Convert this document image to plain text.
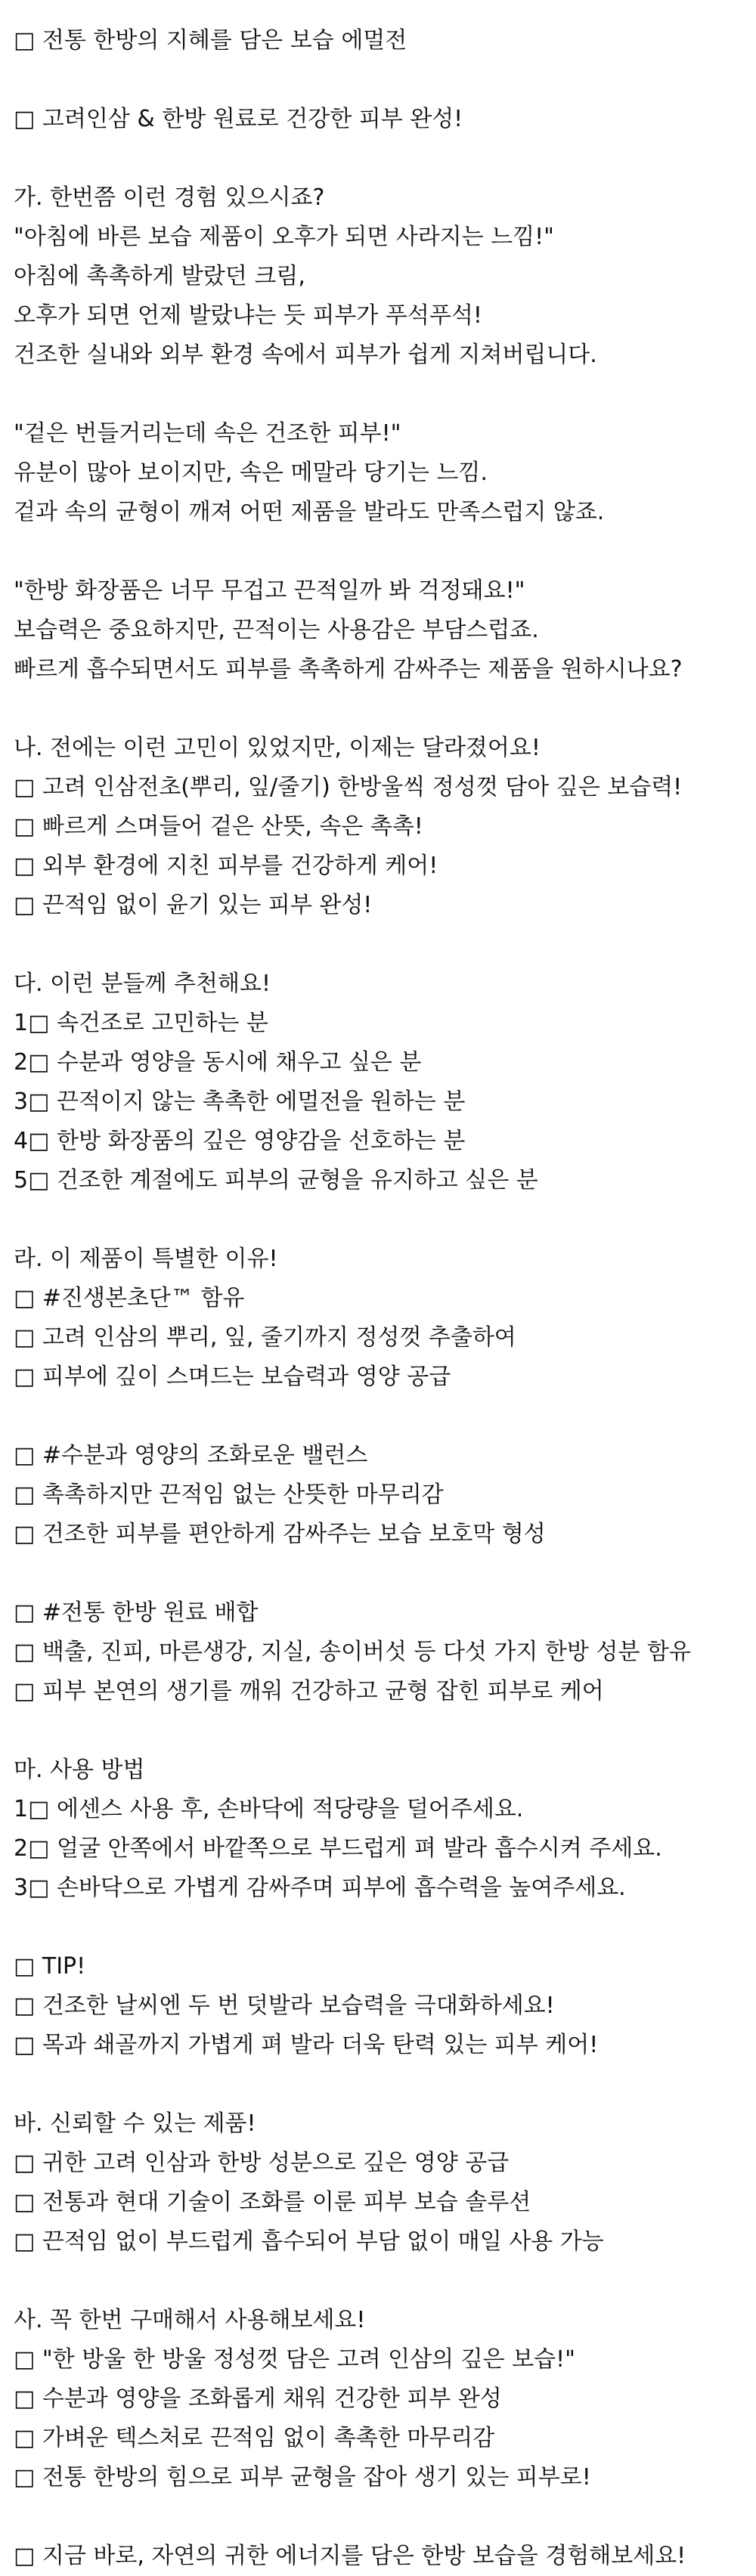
□ 전통 한방의 지혜를 담은 보습 에멀전
□ 고려인삼 & 한방 원료로 건강한 피부 완성!
가. 한번쯤 이런 경험 있으시죠?
"아침에 바른 보습 제품이 오후가 되면 사라지는 느낌!"
아침에 촉촉하게 발랐던 크림,
오후가 되면 언제 발랐냐는 듯 피부가 푸석푸석!
건조한 실내와 외부 환경 속에서 피부가 쉽게 지쳐버립니다.
"겉은 번들거리는데 속은 건조한 피부!"
유분이 많아 보이지만, 속은 메말라 당기는 느낌.
겉과 속의 균형이 깨져 어떤 제품을 발라도 만족스럽지 않죠.
"한방 화장품은 너무 무겁고 끈적일까 봐 걱정돼요!"
보습력은 중요하지만, 끈적이는 사용감은 부담스럽죠.
빠르게 흡수되면서도 피부를 촉촉하게 감싸주는 제품을 원하시나요?
나. 전에는 이런 고민이 있었지만, 이제는 달라졌어요!
□ 고려 인삼전초(뿌리, 잎/줄기) 한방울씩 정성껏 담아 깊은 보습력!
□ 빠르게 스며들어 겉은 산뜻, 속은 촉촉!
□ 외부 환경에 지친 피부를 건강하게 케어!
□ 끈적임 없이 윤기 있는 피부 완성!
다. 이런 분들께 추천해요!
1□ 속건조로 고민하는 분
2□ 수분과 영양을 동시에 채우고 싶은 분
3□ 끈적이지 않는 촉촉한 에멀전을 원하는 분
4□ 한방 화장품의 깊은 영양감을 선호하는 분
5□ 건조한 계절에도 피부의 균형을 유지하고 싶은 분
라. 이 제품이 특별한 이유!
□ #진생본초단™ 함유
□ 고려 인삼의 뿌리, 잎, 줄기까지 정성껏 추출하여
□ 피부에 깊이 스며드는 보습력과 영양 공급
□ #수분과 영양의 조화로운 밸런스
□ 촉촉하지만 끈적임 없는 산뜻한 마무리감
□ 건조한 피부를 편안하게 감싸주는 보습 보호막 형성
□ #전통 한방 원료 배합
□ 백출, 진피, 마른생강, 지실, 송이버섯 등 다섯 가지 한방 성분 함유
□ 피부 본연의 생기를 깨워 건강하고 균형 잡힌 피부로 케어
마. 사용 방법
1□ 에센스 사용 후, 손바닥에 적당량을 덜어주세요.
2□ 얼굴 안쪽에서 바깥쪽으로 부드럽게 펴 발라 흡수시켜 주세요.
3□ 손바닥으로 가볍게 감싸주며 피부에 흡수력을 높여주세요.
□ TIP!
□ 건조한 날씨엔 두 번 덧발라 보습력을 극대화하세요!
□ 목과 쇄골까지 가볍게 펴 발라 더욱 탄력 있는 피부 케어!
바. 신뢰할 수 있는 제품!
□ 귀한 고려 인삼과 한방 성분으로 깊은 영양 공급
□ 전통과 현대 기술이 조화를 이룬 피부 보습 솔루션
□ 끈적임 없이 부드럽게 흡수되어 부담 없이 매일 사용 가능
사. 꼭 한번 구매해서 사용해보세요!
□ "한 방울 한 방울 정성껏 담은 고려 인삼의 깊은 보습!"
□ 수분과 영양을 조화롭게 채워 건강한 피부 완성
□ 가벼운 텍스처로 끈적임 없이 촉촉한 마무리감
□ 전통 한방의 힘으로 피부 균형을 잡아 생기 있는 피부로!
□ 지금 바로, 자연의 귀한 에너지를 담은 한방 보습을 경험해보세요!
